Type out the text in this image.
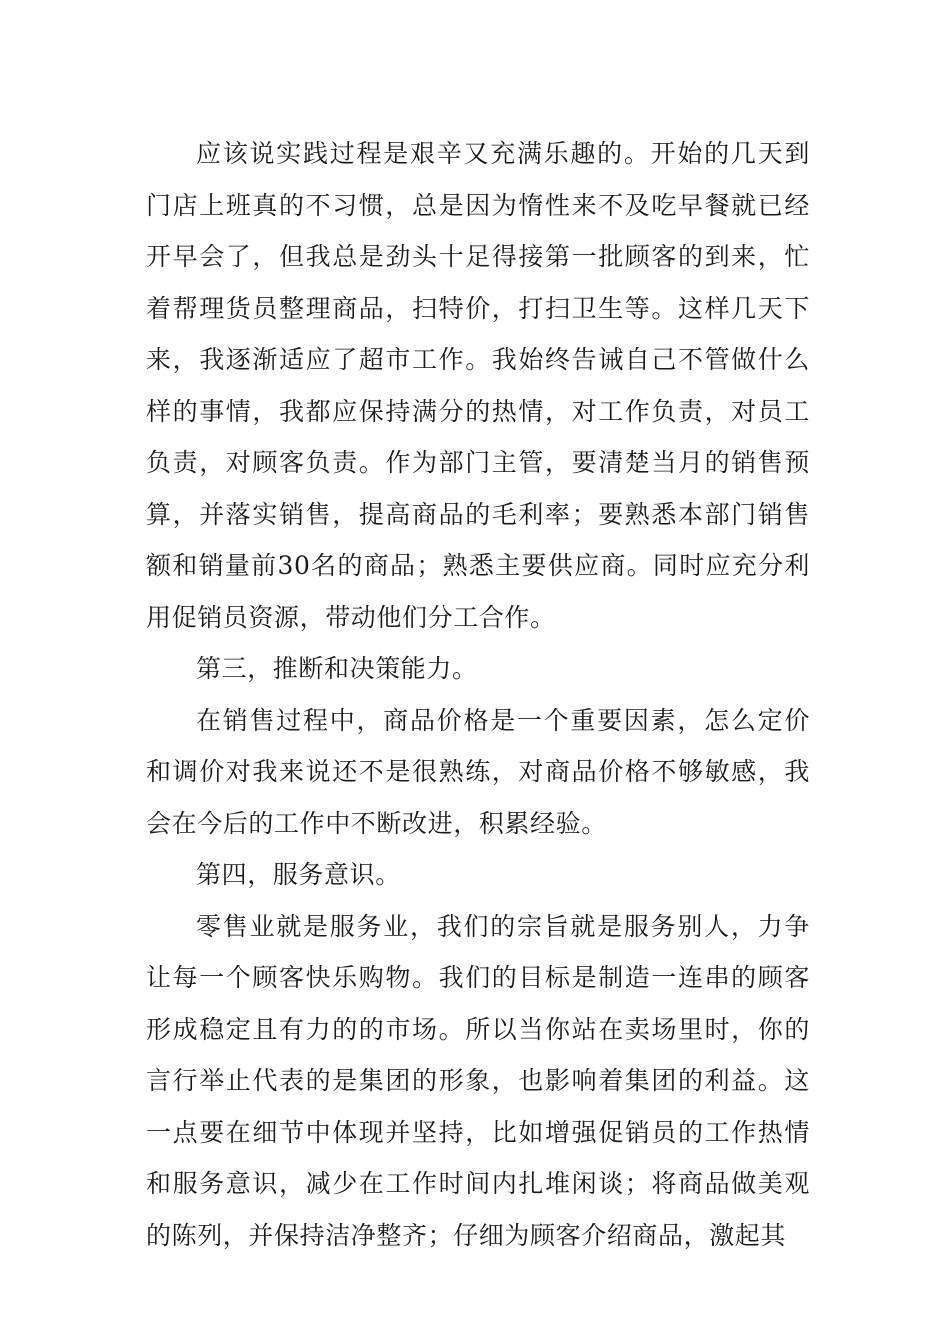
应该说实践过程是艰辛又充满乐趣的。开始的几天到门店上班真的不习惯，总是因为惰性来不及吃早餐就已经开早会了，但我总是劲头十足得接第一批顾客的到来，忙着帮理货员整理商品，扫特价，打扫卫生等。这样几天下来，我逐渐适应了超市工作。我始终告诫自己不管做什么样的事情，我都应保持满分的热情，对工作负责，对员工负责，对顾客负责。作为部门主管，要清楚当月的销售预算，并落实销售，提高商品的毛利率；要熟悉本部门销售额和销量前30名的商品；熟悉主要供应商。同时应充分利用促销员资源，带动他们分工合作。

第三，推断和决策能力。

在销售过程中，商品价格是一个重要因素，怎么定价和调价对我来说还不是很熟练，对商品价格不够敏感，我会在今后的工作中不断改进，积累经验。

第四，服务意识。

零售业就是服务业，我们的宗旨就是服务别人，力争让每一个顾客快乐购物。我们的目标是制造一连串的顾客形成稳定且有力的的市场。所以当你站在卖场里时，你的言行举止代表的是集团的形象，也影响着集团的利益。这一点要在细节中体现并坚持，比如增强促销员的工作热情和服务意识，减少在工作时间内扎堆闲谈；将商品做美观的陈列，并保持洁净整齐；仔细为顾客介绍商品，激起其
